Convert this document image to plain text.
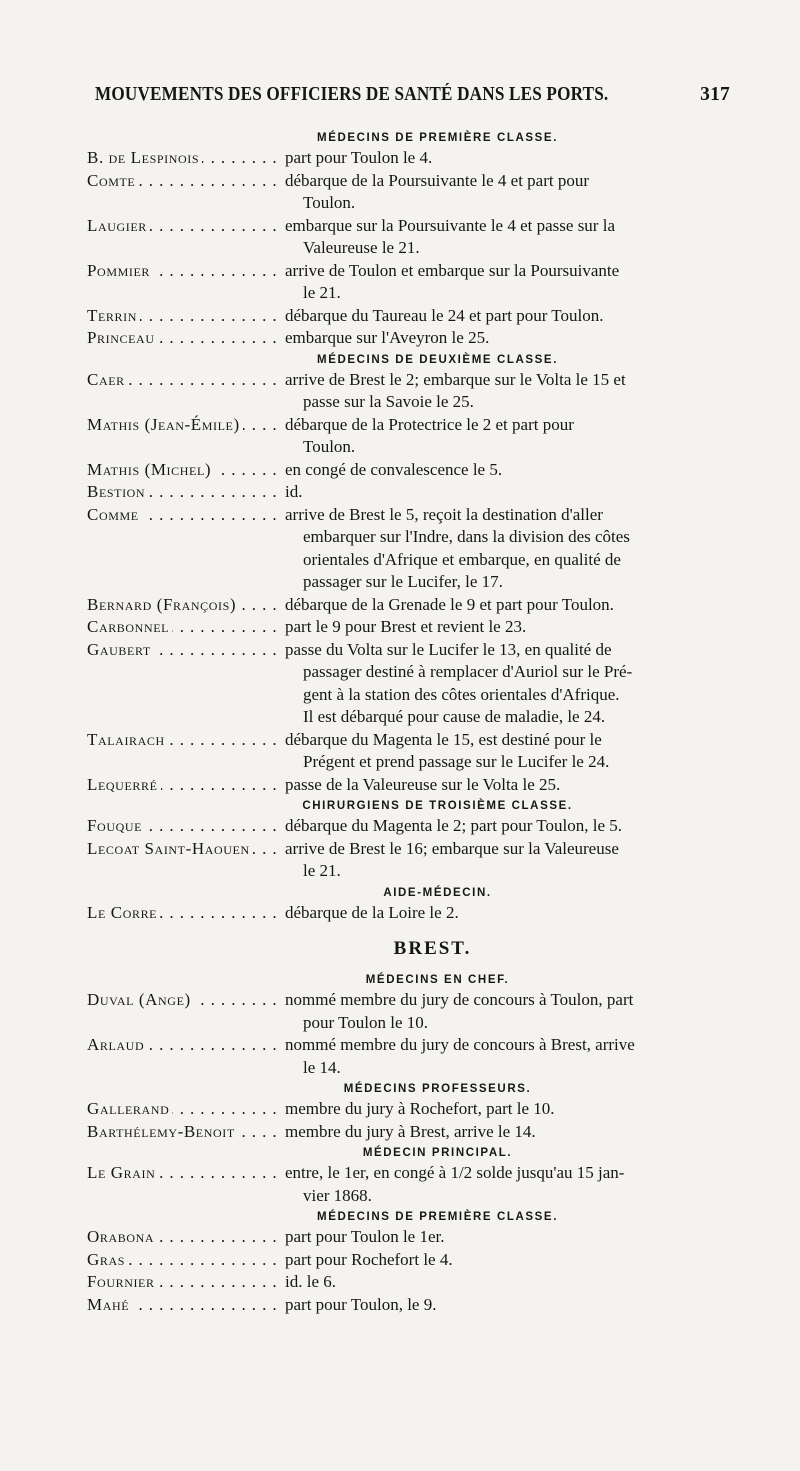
MOUVEMENTS DES OFFICIERS DE SANTÉ DANS LES PORTS.	317
MÉDECINS DE PREMIÈRE CLASSE.
B. de Lespinois . . .	part pour Toulon le 4.
Comte . . .	débarque de la Poursuivante le 4 et part pour
Toulon.
Laugier . . .	embarque sur la Poursuivante le 4 et passe sur la
Valeureuse le 21.
Pommier . . .	arrive de Toulon et embarque sur la Poursuivante
le 21.
Terrin . . .	débarque du Taureau le 24 et part pour Toulon.
Princeau . . .	embarque sur l'Aveyron le 25.
MÉDECINS DE DEUXIÈME CLASSE.
Caer . . .	arrive de Brest le 2; embarque sur le Volta le 15 et
passe sur la Savoie le 25.
Mathis (Jean-Émile) . . .	débarque de la Protectrice le 2 et part pour
Toulon.
Mathis (Michel) . . .	en congé de convalescence le 5.
Bestion . . .	id.
Comme . . .	arrive de Brest le 5, reçoit la destination d'aller
embarquer sur l'Indre, dans la division des côtes
orientales d'Afrique et embarque, en qualité de
passager sur le Lucifer, le 17.
Bernard (François) . . .	débarque de la Grenade le 9 et part pour Toulon.
Carbonnel . . .	part le 9 pour Brest et revient le 23.
Gaubert . . .	passe du Volta sur le Lucifer le 13, en qualité de
passager destiné à remplacer d'Auriol sur le Pré-
gent à la station des côtes orientales d'Afrique.
Il est débarqué pour cause de maladie, le 24.
Talairach . . .	débarque du Magenta le 15, est destiné pour le
Prégent et prend passage sur le Lucifer le 24.
Lequerré . . .	passe de la Valeureuse sur le Volta le 25.
CHIRURGIENS DE TROISIÈME CLASSE.
Fouque . . .	débarque du Magenta le 2; part pour Toulon, le 5.
Lecoat Saint-Haouen . . .	arrive de Brest le 16; embarque sur la Valeureuse
le 21.
AIDE-MÉDECIN.
Le Corre . . .	débarque de la Loire le 2.
BREST.
MÉDECINS EN CHEF.
Duval (Ange) . . .	nommé membre du jury de concours à Toulon, part
pour Toulon le 10.
Arlaud . . .	nommé membre du jury de concours à Brest, arrive
le 14.
MÉDECINS PROFESSEURS.
Gallerand . . .	membre du jury à Rochefort, part le 10.
Barthélemy-Benoit . . .	membre du jury à Brest, arrive le 14.
MÉDECIN PRINCIPAL.
Le Grain . . .	entre, le 1er, en congé à 1/2 solde jusqu'au 15 jan-
vier 1868.
MÉDECINS DE PREMIÈRE CLASSE.
Orabona . . .	part pour Toulon le 1er.
Gras . . .	part pour Rochefort le 4.
Fournier . . .	id. le 6.
Mahé . . .	part pour Toulon, le 9.
